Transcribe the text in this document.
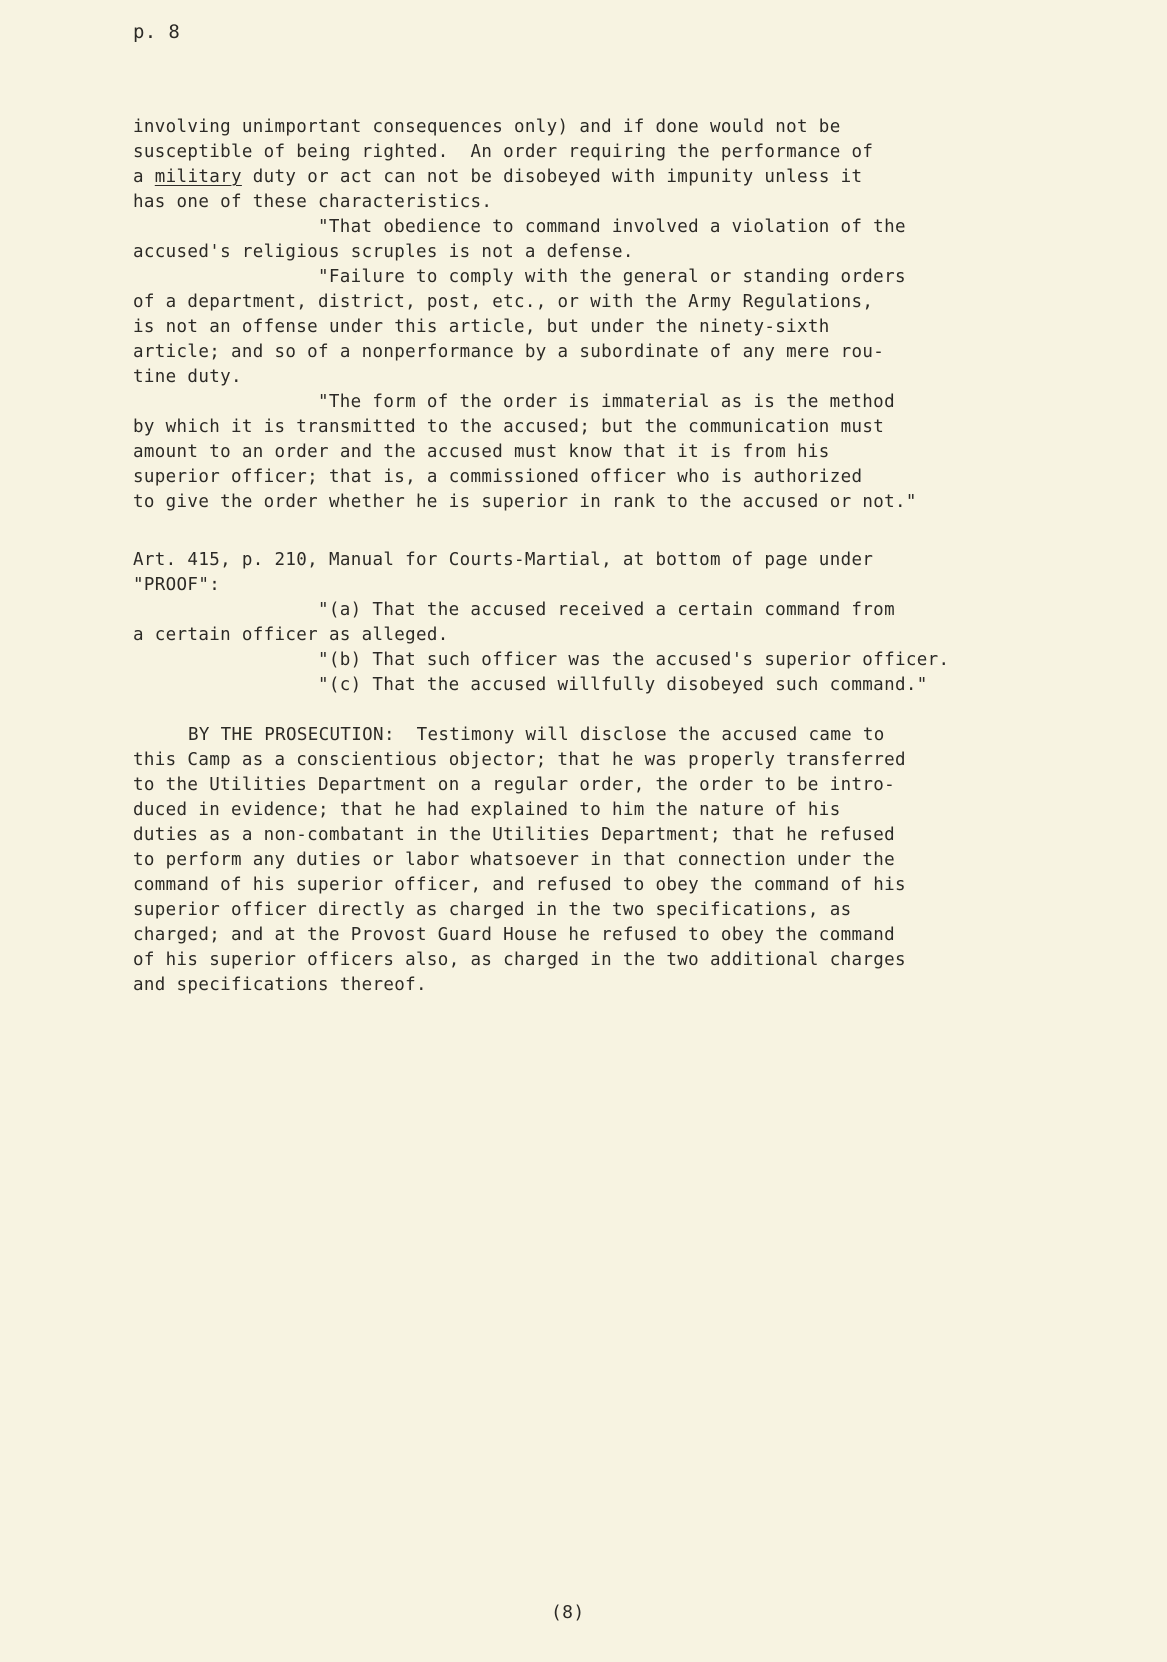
p. 8
involving unimportant consequences only) and if done would not be
susceptible of being righted.  An order requiring the performance of
a military duty or act can not be disobeyed with impunity unless it
has one of these characteristics.
"That obedience to command involved a violation of the
accused's religious scruples is not a defense.
"Failure to comply with the general or standing orders
of a department, district, post, etc., or with the Army Regulations,
is not an offense under this article, but under the ninety-sixth
article; and so of a nonperformance by a subordinate of any mere rou-
tine duty.
"The form of the order is immaterial as is the method
by which it is transmitted to the accused; but the communication must
amount to an order and the accused must know that it is from his
superior officer; that is, a commissioned officer who is authorized
to give the order whether he is superior in rank to the accused or not."
Art. 415, p. 210, Manual for Courts-Martial, at bottom of page under
"PROOF":
"(a) That the accused received a certain command from
a certain officer as alleged.
"(b) That such officer was the accused's superior officer.
"(c) That the accused willfully disobeyed such command."
BY THE PROSECUTION:  Testimony will disclose the accused came to
this Camp as a conscientious objector; that he was properly transferred
to the Utilities Department on a regular order, the order to be intro-
duced in evidence; that he had explained to him the nature of his
duties as a non-combatant in the Utilities Department; that he refused
to perform any duties or labor whatsoever in that connection under the
command of his superior officer, and refused to obey the command of his
superior officer directly as charged in the two specifications, as
charged; and at the Provost Guard House he refused to obey the command
of his superior officers also, as charged in the two additional charges
and specifications thereof.
(8)
